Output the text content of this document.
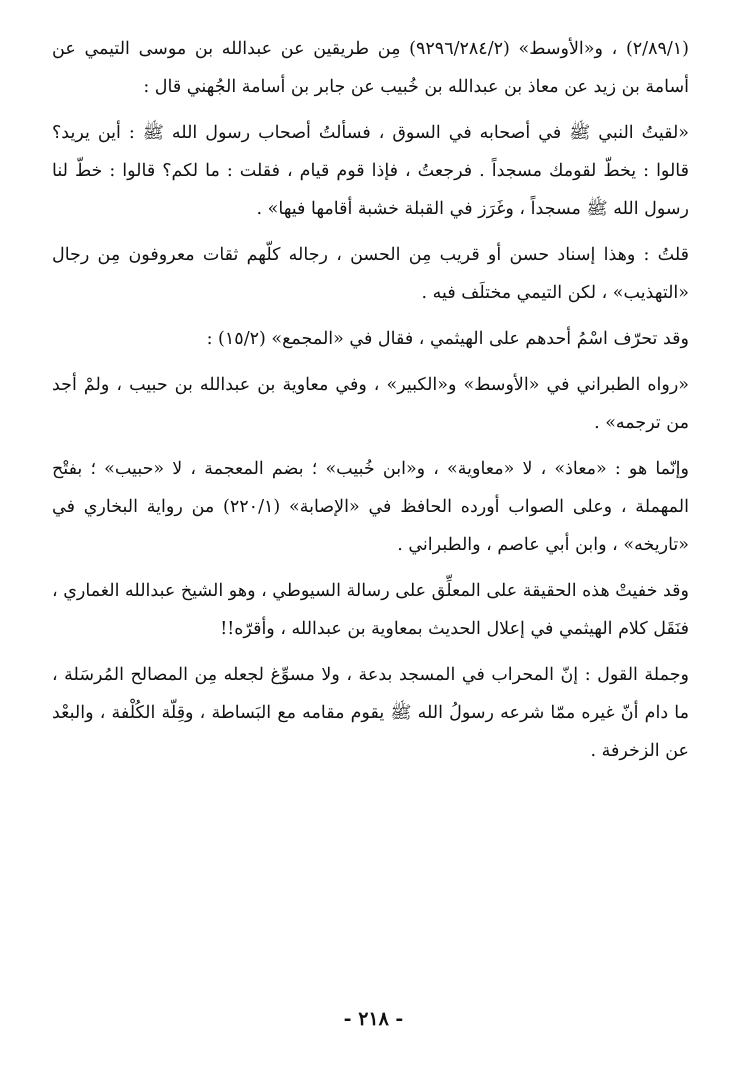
(٢/٨٩/١) ، و«الأوسط» (٩٢٩٦/٢٨٤/٢) مِن طريقين عن عبدالله بن موسى التيمي عن أسامة بن زيد عن معاذ بن عبدالله بن خُبيب عن جابر بن أسامة الجُهني قال :

«لقيتُ النبي ﷺ في أصحابه في السوق ، فسألتُ أصحاب رسول الله ﷺ : أين يريد؟ قالوا : يخطّ لقومك مسجداً . فرجعتُ ، فإذا قوم قيام ، فقلت : ما لكم؟ قالوا : خطّ لنا رسول الله ﷺ مسجداً ، وغَرَز في القبلة خشبة أقامها فيها» .

قلتُ : وهذا إسناد حسن أو قريب مِن الحسن ، رجاله كلّهم ثقات معروفون مِن رجال «التهذيب» ، لكن التيمي مختلَف فيه .

وقد تحرّف اسْمُ أحدهم على الهيثمي ، فقال في «المجمع» (١٥/٢) :

«رواه الطبراني في «الأوسط» و«الكبير» ، وفي معاوية بن عبدالله بن حبيب ، ولمْ أجد من ترجمه» .

وإنّما هو : «معاذ» ، لا «معاوية» ، و«ابن خُبيب» ؛ بضم المعجمة ، لا «حبيب» ؛ بفتْح المهملة ، وعلى الصواب أورده الحافظ في «الإصابة» (٢٢٠/١) من رواية البخاري في «تاريخه» ، وابن أبي عاصم ، والطبراني .

وقد خفيتْ هذه الحقيقة على المعلِّق على رسالة السيوطي ، وهو الشيخ عبدالله الغماري ، فنَقَل كلام الهيثمي في إعلال الحديث بمعاوية بن عبدالله ، وأقرّه!!

وجملة القول : إنّ المحراب في المسجد بدعة ، ولا مسوِّغ لجعله مِن المصالح المُرسَلة ، ما دام أنّ غيره ممّا شرعه رسولُ الله ﷺ يقوم مقامه مع البَساطة ، وقِلّة الكُلْفة ، والبعْد عن الزخرفة .

- ٢١٨ -
